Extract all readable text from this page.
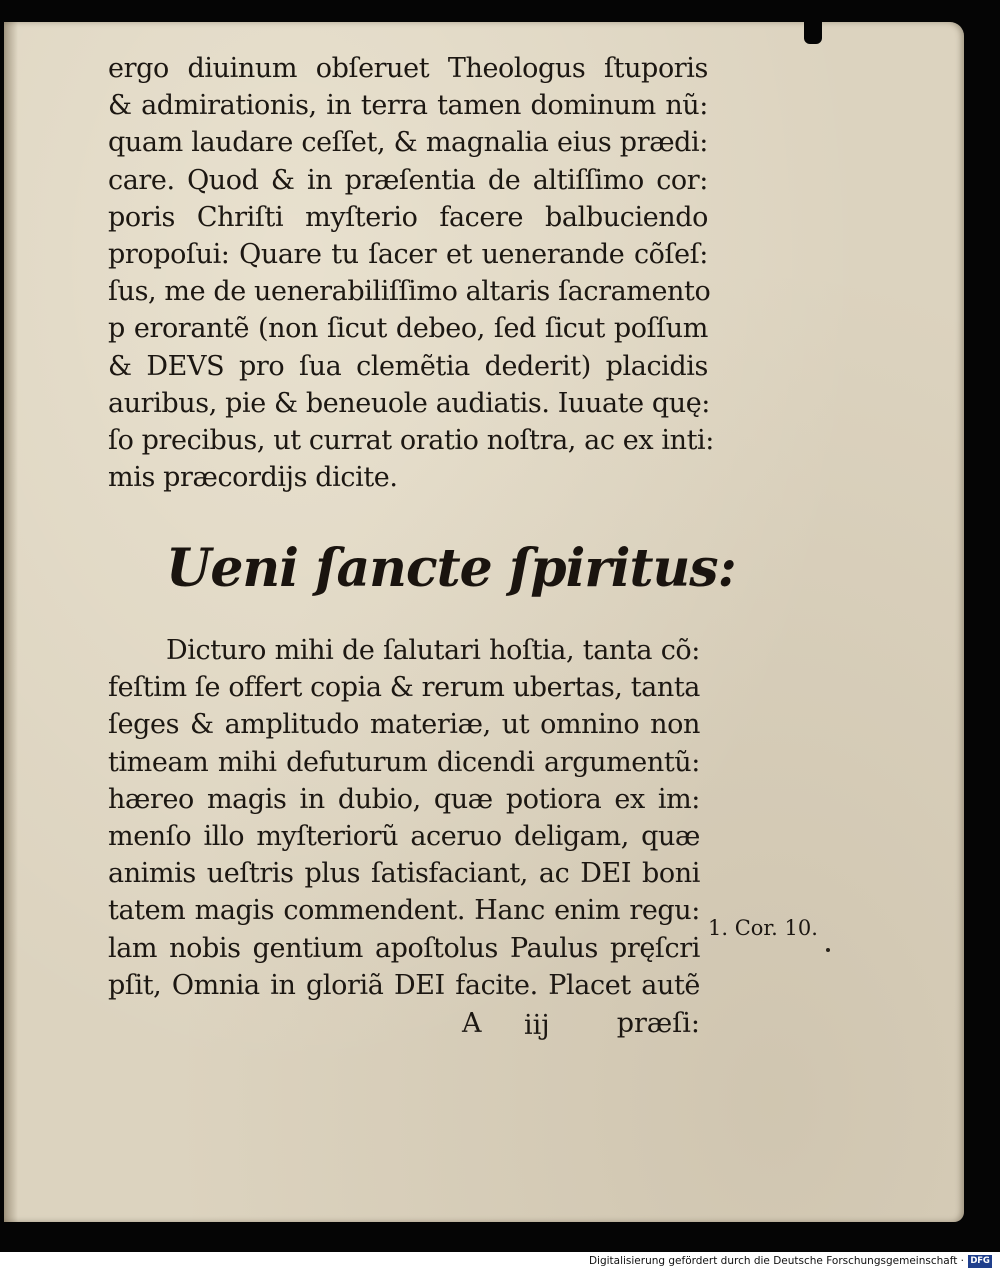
ergo diuinum obſeruet Theologus ſtuporis
& admirationis, in terra tamen dominum nũ:
quam laudare ceſſet, & magnalia eius prædi:
care. Quod & in præſentia de altiſſimo cor:
poris Chriſti myſterio facere balbuciendo
propoſui: Quare tu ſacer et uenerande cõſeſ:
ſus, me de uenerabiliſſimo altaris ſacramento
p erorantẽ (non ſicut debeo, ſed ſicut poſſum
& DEVS pro ſua clemẽtia dederit) placidis
auribus, pie & beneuole audiatis. Iuuate quę:
ſo precibus, ut currat oratio noſtra, ac ex inti:
mis præcordijs dicite.
Ueni ſancte ſpiritus:
Dicturo mihi de ſalutari hoſtia, tanta cõ:
feſtim ſe offert copia & rerum ubertas, tanta
ſeges & amplitudo materiæ, ut omnino non
timeam mihi defuturum dicendi argumentũ:
hæreo magis in dubio, quæ potiora ex im:
menſo illo myſteriorũ aceruo deligam, quæ
animis ueſtris plus ſatisfaciant, ac DEI boni
tatem magis commendent. Hanc enim regu:
lam nobis gentium apoſtolus Paulus pręſcri
pſit, Omnia in gloriã DEI facite. Placet autẽ
A iij præſi:
1. Cor. 10.
Digitalisierung gefördert durch die Deutsche Forschungsgemeinschaft · DFG
